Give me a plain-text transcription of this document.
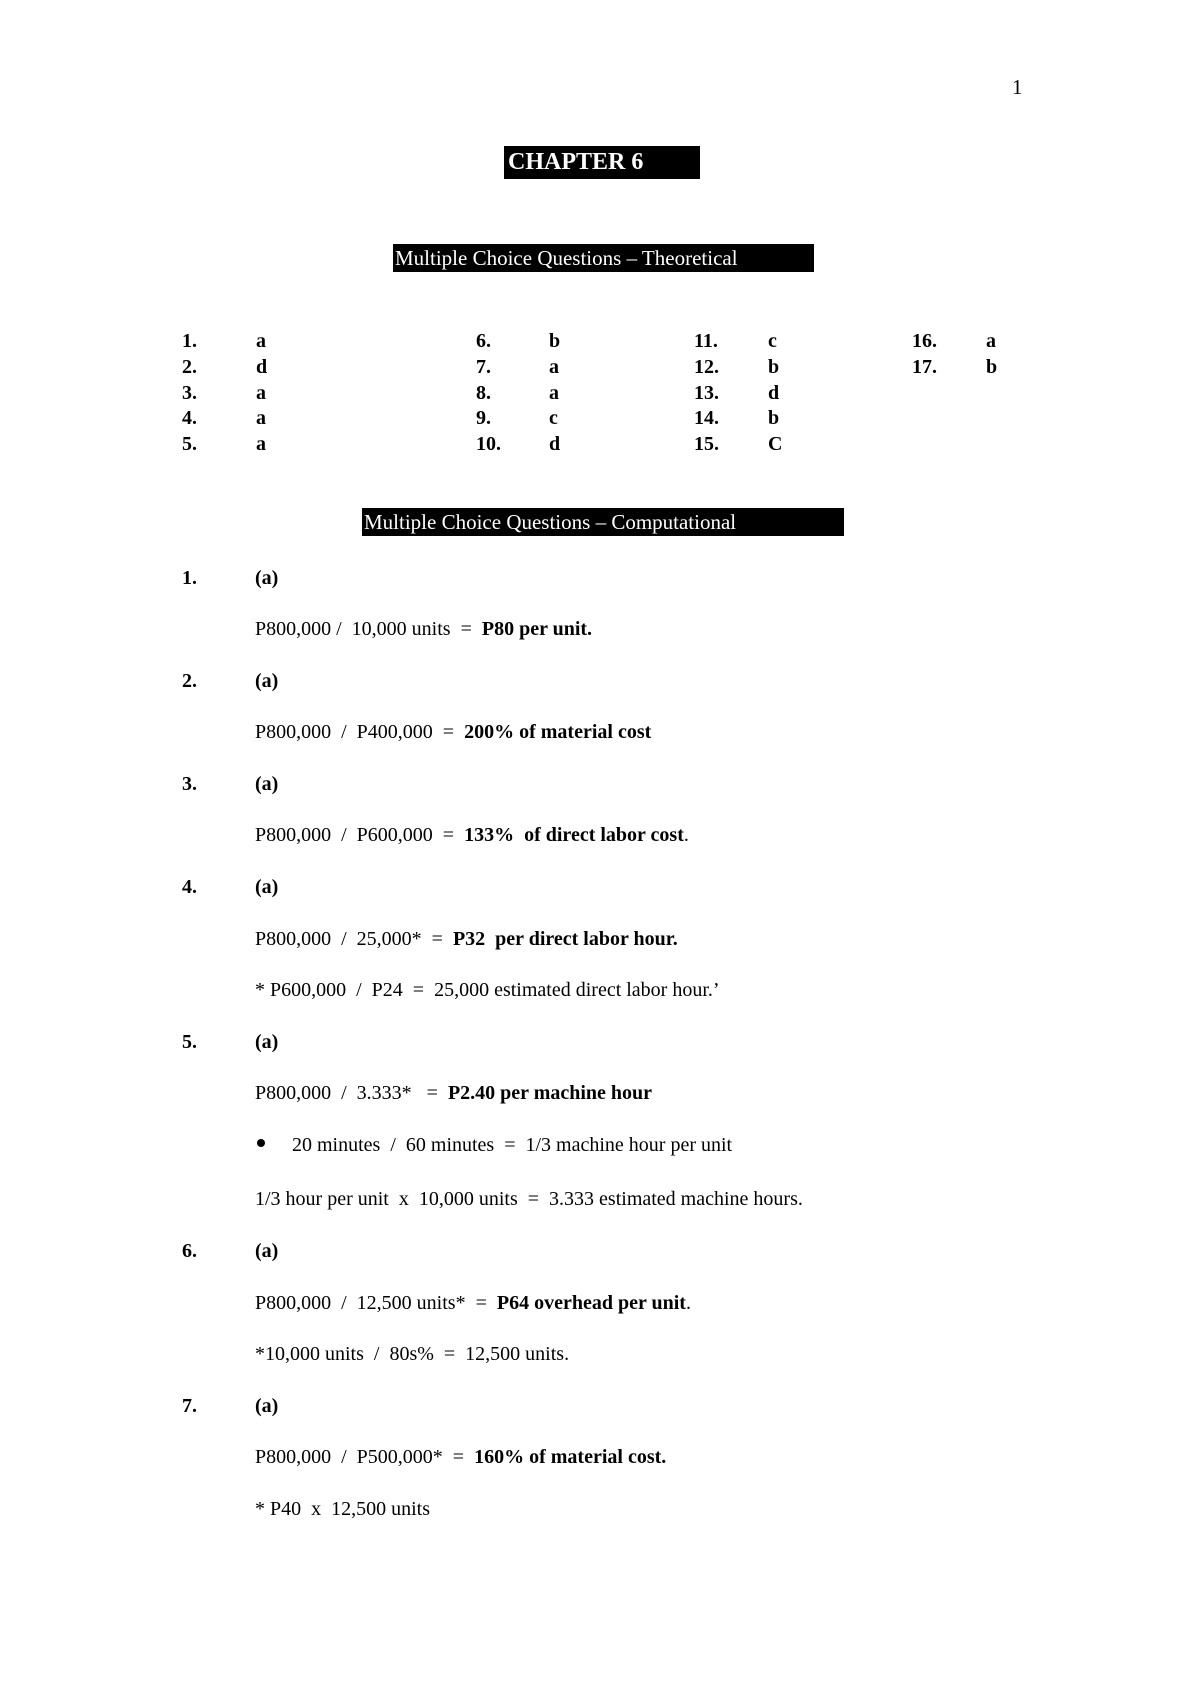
1
CHAPTER 6
Multiple Choice Questions – Theoretical
1.	a
2.	d
3.	a
4.	a
5.	a
6.	b
7.	a
8.	a
9.	c
10. d
11.	c
12. b
13. d
14. b
15. C
16. a
17. b
Multiple Choice Questions – Computational
1.	(a)
P800,000 /  10,000 units  =  P80 per unit.
2.	(a)
P800,000  /  P400,000  =  200% of material cost
3.	(a)
P800,000  /  P600,000  =  133%  of direct labor cost.
4.	(a)
P800,000  /  25,000*  =  P32  per direct labor hour.
* P600,000  /  P24  =  25,000 estimated direct labor hour.’
5.	(a)
P800,000  /  3.333*   =  P2.40 per machine hour
20 minutes  /  60 minutes  =  1/3 machine hour per unit
1/3 hour per unit  x  10,000 units  =  3.333 estimated machine hours.
6.	(a)
P800,000  /  12,500 units*  =  P64 overhead per unit.
*10,000 units  /  80s%  =  12,500 units.
7.	(a)
P800,000  /  P500,000*  =  160% of material cost.
* P40  x  12,500 units
